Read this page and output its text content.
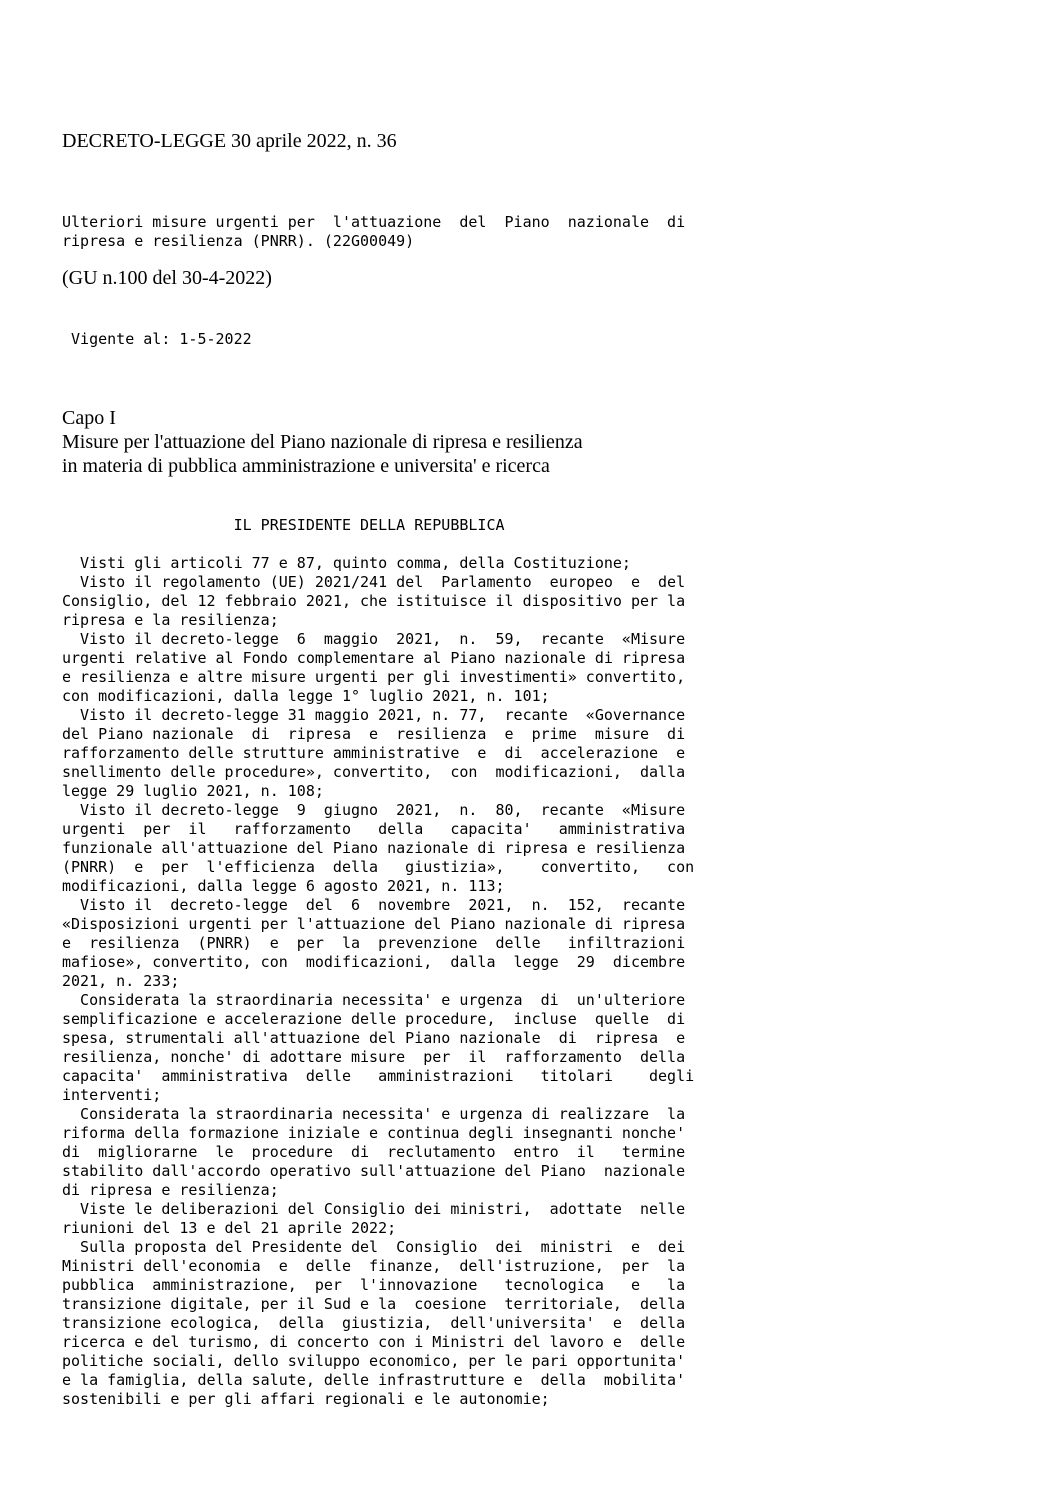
DECRETO-LEGGE 30 aprile 2022, n. 36
Ulteriori misure urgenti per  l'attuazione  del  Piano  nazionale  di
ripresa e resilienza (PNRR). (22G00049)
(GU n.100 del 30-4-2022)
Vigente al: 1-5-2022
Capo I
Misure per l'attuazione del Piano nazionale di ripresa e resilienza
in materia di pubblica amministrazione e universita' e ricerca
IL PRESIDENTE DELLA REPUBBLICA

Visti gli articoli 77 e 87, quinto comma, della Costituzione;
Visto il regolamento (UE) 2021/241 del  Parlamento  europeo  e  del
Consiglio, del 12 febbraio 2021, che istituisce il dispositivo per la
ripresa e la resilienza;
Visto il decreto-legge  6  maggio  2021,  n.  59,  recante  «Misure
urgenti relative al Fondo complementare al Piano nazionale di ripresa
e resilienza e altre misure urgenti per gli investimenti» convertito,
con modificazioni, dalla legge 1° luglio 2021, n. 101;
Visto il decreto-legge 31 maggio 2021, n. 77,  recante  «Governance
del Piano nazionale  di  ripresa  e  resilienza  e  prime  misure  di
rafforzamento delle strutture amministrative  e  di  accelerazione  e
snellimento delle procedure», convertito,  con  modificazioni,  dalla
legge 29 luglio 2021, n. 108;
Visto il decreto-legge  9  giugno  2021,  n.  80,  recante  «Misure
urgenti  per  il   rafforzamento   della   capacita'   amministrativa
funzionale all'attuazione del Piano nazionale di ripresa e resilienza
(PNRR)  e  per  l'efficienza  della   giustizia»,    convertito,   con
modificazioni, dalla legge 6 agosto 2021, n. 113;
Visto il  decreto-legge  del  6  novembre  2021,  n.  152,  recante
«Disposizioni urgenti per l'attuazione del Piano nazionale di ripresa
e  resilienza  (PNRR)  e  per  la  prevenzione  delle   infiltrazioni
mafiose», convertito, con  modificazioni,  dalla  legge  29  dicembre
2021, n. 233;
Considerata la straordinaria necessita' e urgenza  di  un'ulteriore
semplificazione e accelerazione delle procedure,  incluse  quelle  di
spesa, strumentali all'attuazione del Piano nazionale  di  ripresa  e
resilienza, nonche' di adottare misure  per  il  rafforzamento  della
capacita'  amministrativa  delle   amministrazioni   titolari    degli
interventi;
Considerata la straordinaria necessita' e urgenza di realizzare  la
riforma della formazione iniziale e continua degli insegnanti nonche'
di  migliorarne  le  procedure  di  reclutamento  entro  il   termine
stabilito dall'accordo operativo sull'attuazione del Piano  nazionale
di ripresa e resilienza;
Viste le deliberazioni del Consiglio dei ministri,  adottate  nelle
riunioni del 13 e del 21 aprile 2022;
Sulla proposta del Presidente del  Consiglio  dei  ministri  e  dei
Ministri dell'economia  e  delle  finanze,  dell'istruzione,  per  la
pubblica  amministrazione,  per  l'innovazione   tecnologica   e   la
transizione digitale, per il Sud e la  coesione  territoriale,  della
transizione ecologica,  della  giustizia,  dell'universita'  e  della
ricerca e del turismo, di concerto con i Ministri del lavoro e  delle
politiche sociali, dello sviluppo economico, per le pari opportunita'
e la famiglia, della salute, delle infrastrutture e  della  mobilita'
sostenibili e per gli affari regionali e le autonomie;
